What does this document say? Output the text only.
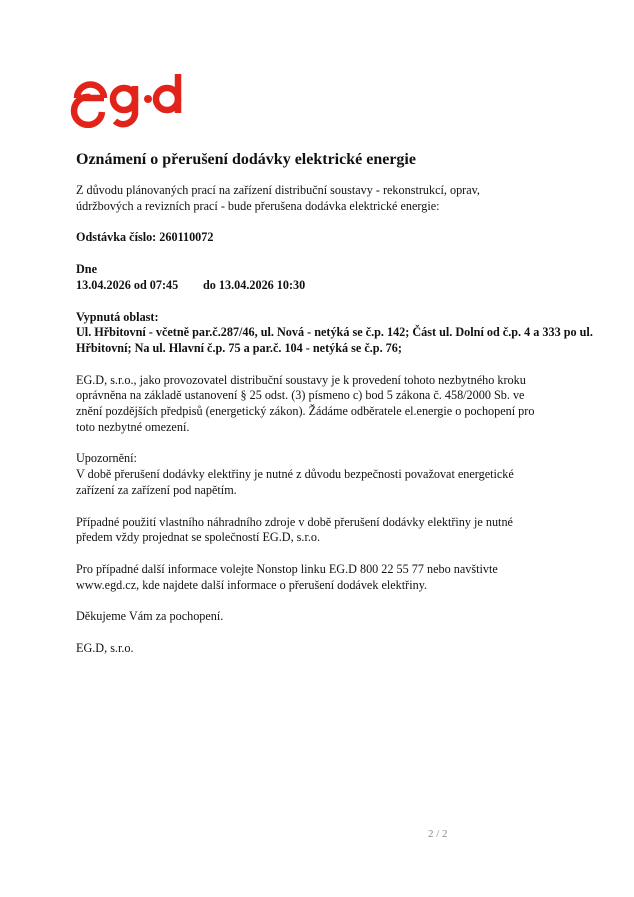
Oznámení o přerušení dodávky elektrické energie
Z důvodu plánovaných prací na zařízení distribuční soustavy - rekonstrukcí, oprav,
údržbových a revizních prací - bude přerušena dodávka elektrické energie:
Odstávka číslo: 260110072
Dne
13.04.2026 od 07:45	do 13.04.2026 10:30
Vypnutá oblast:
Ul. Hřbitovní - včetně par.č.287/46, ul. Nová - netýká se č.p. 142; Část ul. Dolní od č.p. 4 a 333 po ul.
Hřbitovní; Na ul. Hlavní č.p. 75 a par.č. 104 - netýká se č.p. 76;
EG.D, s.r.o., jako provozovatel distribuční soustavy je k provedení tohoto nezbytného kroku
oprávněna na základě ustanovení § 25 odst. (3) písmeno c) bod 5 zákona č. 458/2000 Sb. ve
znění pozdějších předpisů (energetický zákon). Žádáme odběratele el.energie o pochopení pro
toto nezbytné omezení.
Upozornění:
V době přerušení dodávky elektřiny je nutné z důvodu bezpečnosti považovat energetické
zařízení za zařízení pod napětím.
Případné použití vlastního náhradního zdroje v době přerušení dodávky elektřiny je nutné
předem vždy projednat se společností EG.D, s.r.o.
Pro případné další informace volejte Nonstop linku EG.D 800 22 55 77 nebo navštivte
www.egd.cz, kde najdete další informace o přerušení dodávek elektřiny.
Děkujeme Vám za pochopení.
EG.D, s.r.o.
2 / 2
